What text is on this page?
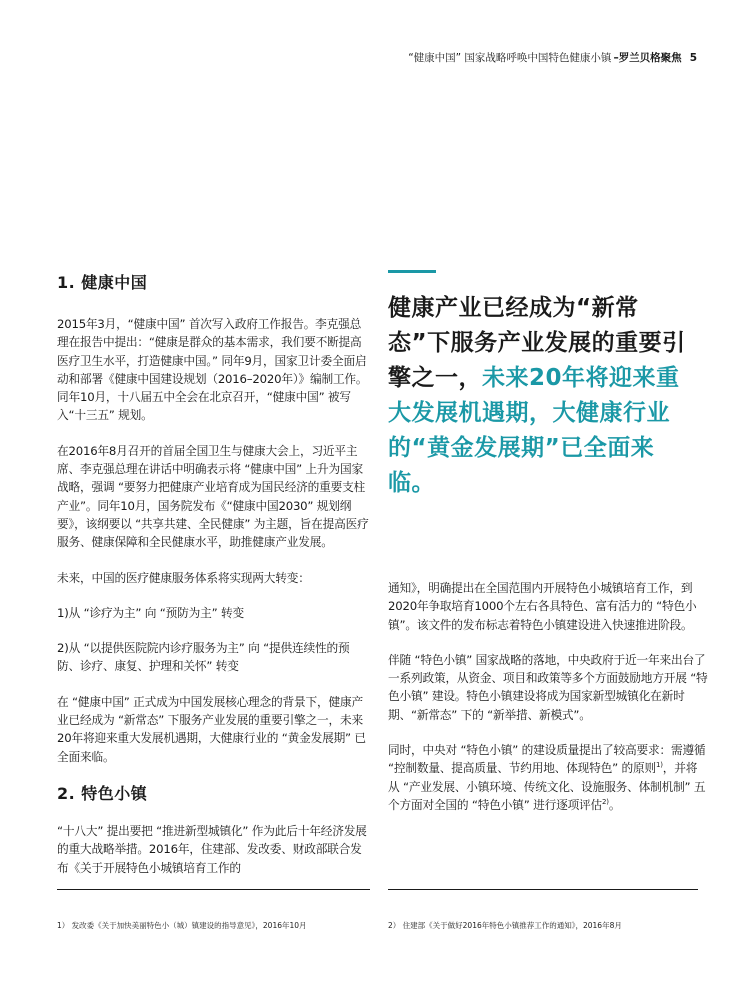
“健康中国” 国家战略呼唤中国特色健康小镇 –罗兰贝格聚焦 5
1. 健康中国

2015年3月，“健康中国” 首次写入政府工作报告。李克强总理在报告中提出：“健康是群众的基本需求，我们要不断提高医疗卫生水平，打造健康中国。” 同年9月，国家卫计委全面启动和部署《健康中国建设规划（2016–2020年）》编制工作。同年10月，十八届五中全会在北京召开，“健康中国” 被写入“十三五” 规划。

在2016年8月召开的首届全国卫生与健康大会上，习近平主席、李克强总理在讲话中明确表示将 “健康中国” 上升为国家战略，强调 “要努力把健康产业培育成为国民经济的重要支柱产业”。同年10月，国务院发布《“健康中国2030” 规划纲要》，该纲要以 “共享共建、全民健康” 为主题，旨在提高医疗服务、健康保障和全民健康水平，助推健康产业发展。

未来，中国的医疗健康服务体系将实现两大转变：

1)从 “诊疗为主” 向 “预防为主” 转变

2)从 “以提供医院院内诊疗服务为主” 向 “提供连续性的预防、诊疗、康复、护理和关怀” 转变

在 “健康中国” 正式成为中国发展核心理念的背景下，健康产业已经成为 “新常态” 下服务产业发展的重要引擎之一，未来20年将迎来重大发展机遇期，大健康行业的 “黄金发展期” 已全面来临。

2. 特色小镇

“十八大” 提出要把 “推进新型城镇化” 作为此后十年经济发展的重大战略举措。2016年，住建部、发改委、财政部联合发布《关于开展特色小城镇培育工作的

健康产业已经成为“新常态”下服务产业发展的重要引擎之一，未来20年将迎来重大发展机遇期，大健康行业的“黄金发展期”已全面来临。

通知》，明确提出在全国范围内开展特色小城镇培育工作，到2020年争取培育1000个左右各具特色、富有活力的 “特色小镇”。该文件的发布标志着特色小镇建设进入快速推进阶段。

伴随 “特色小镇” 国家战略的落地，中央政府于近一年来出台了一系列政策，从资金、项目和政策等多个方面鼓励地方开展 “特色小镇” 建设。特色小镇建设将成为国家新型城镇化在新时期、“新常态” 下的 “新举措、新模式”。

同时，中央对 “特色小镇” 的建设质量提出了较高要求：需遵循 “控制数量、提高质量、节约用地、体现特色” 的原则$^{1)}$，并将从 “产业发展、小镇环境、传统文化、设施服务、体制机制” 五个方面对全国的 “特色小镇” 进行逐项评估$^{2)}$。

1） 发改委《关于加快美丽特色小（城）镇建设的指导意见》，2016年10月	2） 住建部《关于做好2016年特色小镇推荐工作的通知》，2016年8月
